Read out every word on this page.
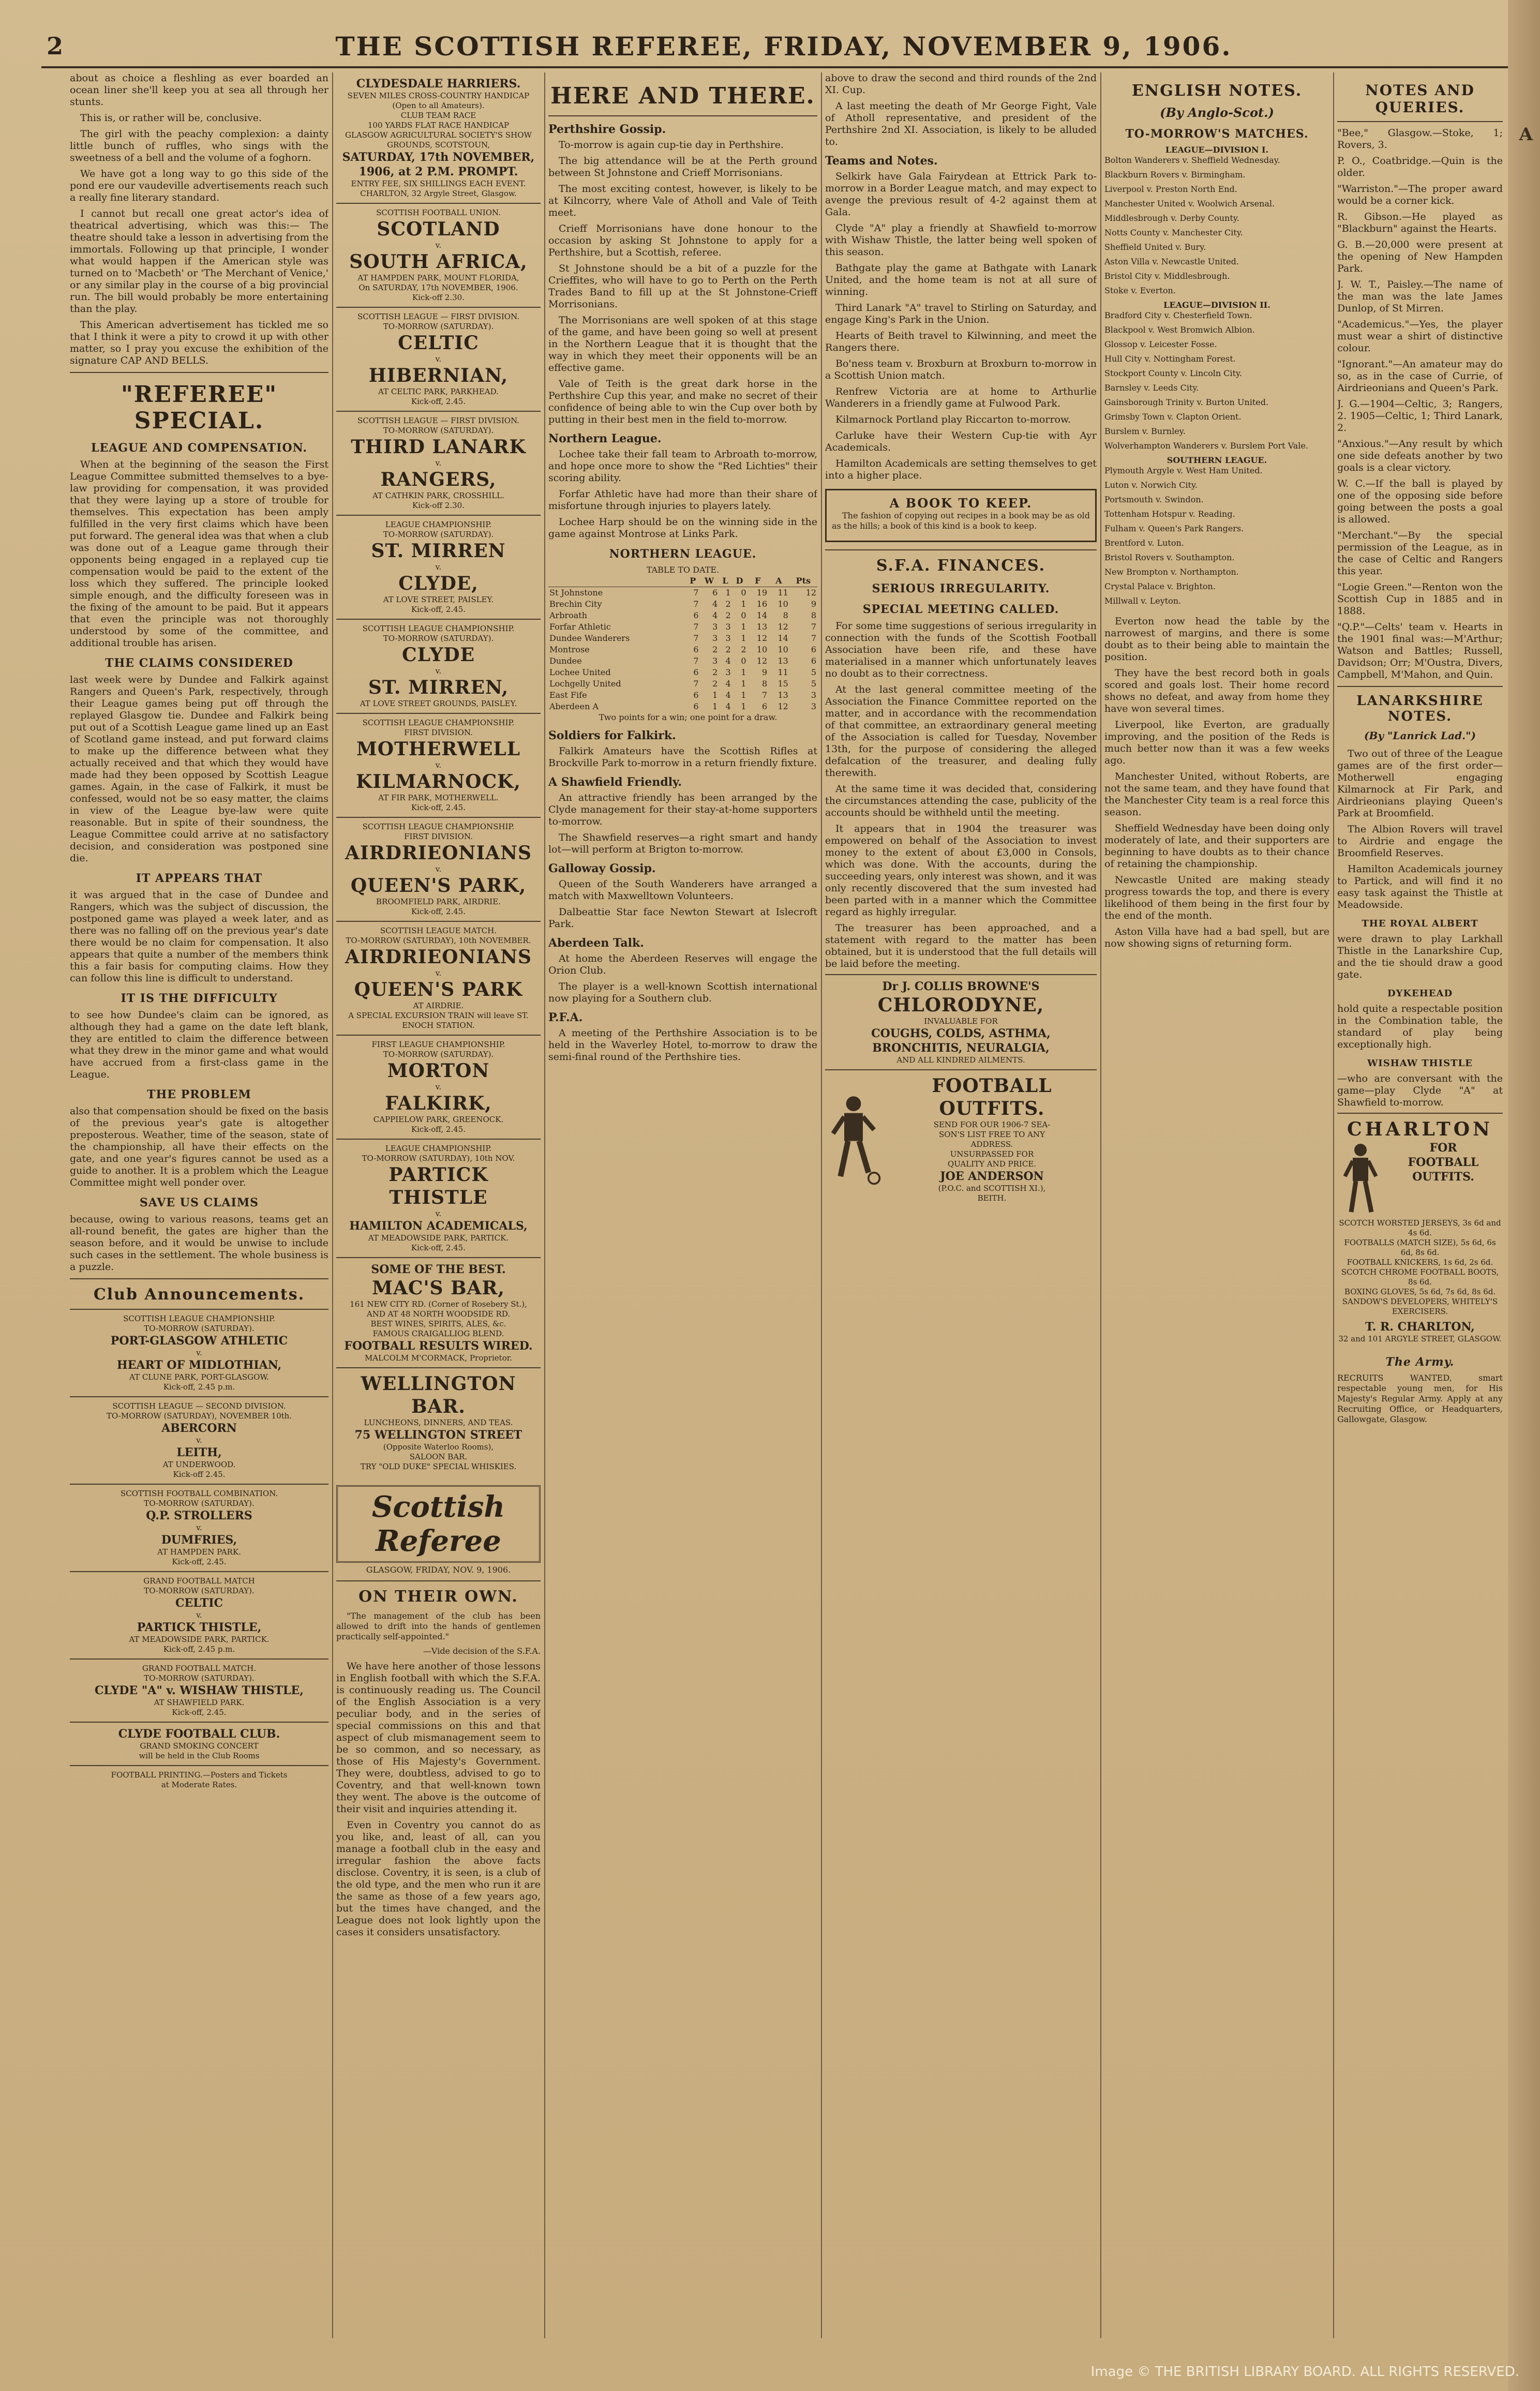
2	THE SCOTTISH REFEREE, FRIDAY, NOVEMBER 9, 1906.

about as choice a fleshling as ever boarded an ocean liner she'll keep you at sea all through her stunts.

This is, or rather will be, conclusive.

The girl with the peachy complexion: a dainty little bunch of ruffles, who sings with the sweetness of a bell and the volume of a foghorn.

We have got a long way to go this side of the pond ere our vaudeville advertisements reach such a really fine literary standard.

I cannot but recall one great actor's idea of theatrical advertising, which was this:— The theatre should take a lesson in advertising from the immortals. Following up that principle, I wonder what would happen if the American style was turned on to 'Macbeth' or 'The Merchant of Venice,' or any similar play in the course of a big provincial run. The bill would probably be more entertaining than the play.

This American advertisement has tickled me so that I think it were a pity to crowd it up with other matter, so I pray you excuse the exhibition of the signature CAP AND BELLS.

"REFEREE" SPECIAL.
LEAGUE AND COMPENSATION.

When at the beginning of the season the First League Committee submitted themselves to a bye-law providing for compensation, it was provided that they were laying up a store of trouble for themselves. This expectation has been amply fulfilled in the very first claims which have been put forward. The general idea was that when a club was done out of a League game through their opponents being engaged in a replayed cup tie compensation would be paid to the extent of the loss which they suffered. The principle looked simple enough, and the difficulty foreseen was in the fixing of the amount to be paid. But it appears that even the principle was not thoroughly understood by some of the committee, and additional trouble has arisen.

THE CLAIMS CONSIDERED

last week were by Dundee and Falkirk against Rangers and Queen's Park, respectively, through their League games being put off through the replayed Glasgow tie. Dundee and Falkirk being put out of a Scottish League game lined up an East of Scotland game instead, and put forward claims to make up the difference between what they actually received and that which they would have made had they been opposed by Scottish League games. Again, in the case of Falkirk, it must be confessed, would not be so easy matter, the claims in view of the League bye-law were quite reasonable. But in spite of their soundness, the League Committee could arrive at no satisfactory decision, and consideration was postponed sine die.

IT APPEARS THAT

it was argued that in the case of Dundee and Rangers, which was the subject of discussion, the postponed game was played a week later, and as there was no falling off on the previous year's date there would be no claim for compensation. It also appears that quite a number of the members think this a fair basis for computing claims. How they can follow this line is difficult to understand.

IT IS THE DIFFICULTY

to see how Dundee's claim can be ignored, as although they had a game on the date left blank, they are entitled to claim the difference between what they drew in the minor game and what would have accrued from a first-class game in the League.

THE PROBLEM

also that compensation should be fixed on the basis of the previous year's gate is altogether preposterous. Weather, time of the season, state of the championship, all have their effects on the gate, and one year's figures cannot be used as a guide to another. It is a problem which the League Committee might well ponder over.

SAVE US CLAIMS

because, owing to various reasons, teams get an all-round benefit, the gates are higher than the season before, and it would be unwise to include such cases in the settlement. The whole business is a puzzle.

Club Announcements.
SCOTTISH LEAGUE CHAMPIONSHIP.
TO-MORROW (SATURDAY).
PORT-GLASGOW ATHLETIC
v.
HEART OF MIDLOTHIAN,
AT CLUNE PARK, PORT-GLASGOW.
Kick-off, 2.45 p.m.
SCOTTISH LEAGUE — SECOND DIVISION.
TO-MORROW (SATURDAY), NOVEMBER 10th.
ABERCORN
v.
LEITH,
AT UNDERWOOD.
Kick-off 2.45.
SCOTTISH FOOTBALL COMBINATION.
TO-MORROW (SATURDAY).
Q.P. STROLLERS
v.
DUMFRIES,
AT HAMPDEN PARK.
Kick-off, 2.45.
GRAND FOOTBALL MATCH
TO-MORROW (SATURDAY).
CELTIC
v.
PARTICK THISTLE,
AT MEADOWSIDE PARK, PARTICK.
Kick-off, 2.45 p.m.
GRAND FOOTBALL MATCH.
TO-MORROW (SATURDAY).
CLYDE "A" v. WISHAW THISTLE,
AT SHAWFIELD PARK.
Kick-off, 2.45.
CLYDE FOOTBALL CLUB.
GRAND SMOKING CONCERT
will be held in the Club Rooms
FOOTBALL PRINTING.—Posters and Tickets
at Moderate Rates.
CLYDESDALE HARRIERS.
SEVEN MILES CROSS-COUNTRY HANDICAP
(Open to all Amateurs).
CLUB TEAM RACE
100 YARDS FLAT RACE HANDICAP
GLASGOW AGRICULTURAL SOCIETY'S SHOW GROUNDS, SCOTSTOUN,
SATURDAY, 17th NOVEMBER, 1906, at 2 P.M. PROMPT.
ENTRY FEE, SIX SHILLINGS EACH EVENT.
CHARLTON, 32 Argyle Street, Glasgow.
SCOTTISH FOOTBALL UNION.
SCOTLAND
v.
SOUTH AFRICA,
AT HAMPDEN PARK, MOUNT FLORIDA,
On SATURDAY, 17th NOVEMBER, 1906.
Kick-off 2.30.
SCOTTISH LEAGUE — FIRST DIVISION.
TO-MORROW (SATURDAY).
CELTIC
v.
HIBERNIAN,
AT CELTIC PARK, PARKHEAD.
Kick-off, 2.45.
SCOTTISH LEAGUE — FIRST DIVISION.
TO-MORROW (SATURDAY).
THIRD LANARK
v.
RANGERS,
AT CATHKIN PARK, CROSSHILL.
Kick-off 2.30.
LEAGUE CHAMPIONSHIP.
TO-MORROW (SATURDAY).
ST. MIRREN
v.
CLYDE,
AT LOVE STREET, PAISLEY.
Kick-off, 2.45.
SCOTTISH LEAGUE CHAMPIONSHIP.
TO-MORROW (SATURDAY).
CLYDE
v.
ST. MIRREN,
AT LOVE STREET GROUNDS, PAISLEY.
SCOTTISH LEAGUE CHAMPIONSHIP.
FIRST DIVISION.
MOTHERWELL
v.
KILMARNOCK,
AT FIR PARK, MOTHERWELL.
Kick-off, 2.45.
SCOTTISH LEAGUE CHAMPIONSHIP.
FIRST DIVISION.
AIRDRIEONIANS
v.
QUEEN'S PARK,
BROOMFIELD PARK, AIRDRIE.
Kick-off, 2.45.
SCOTTISH LEAGUE MATCH.
TO-MORROW (SATURDAY), 10th NOVEMBER.
AIRDRIEONIANS
v.
QUEEN'S PARK
AT AIRDRIE.
A SPECIAL EXCURSION TRAIN will leave ST. ENOCH STATION.
FIRST LEAGUE CHAMPIONSHIP.
TO-MORROW (SATURDAY).
MORTON
v.
FALKIRK,
CAPPIELOW PARK, GREENOCK.
Kick-off, 2.45.
LEAGUE CHAMPIONSHIP.
TO-MORROW (SATURDAY), 10th NOV.
PARTICK THISTLE
v.
HAMILTON ACADEMICALS,
AT MEADOWSIDE PARK, PARTICK.
Kick-off, 2.45.
SOME OF THE BEST.
MAC'S BAR,
161 NEW CITY RD. (Corner of Rosebery St.),
AND AT 48 NORTH WOODSIDE RD.
BEST WINES, SPIRITS, ALES, &c.
FAMOUS CRAIGALLIOG BLEND.
FOOTBALL RESULTS WIRED.
MALCOLM M'CORMACK, Proprietor.
WELLINGTON BAR.
LUNCHEONS, DINNERS, AND TEAS.
75 WELLINGTON STREET
(Opposite Waterloo Rooms),
SALOON BAR.
TRY "OLD DUKE" SPECIAL WHISKIES.
Scottish Referee
GLASGOW, FRIDAY, NOV. 9, 1906.
ON THEIR OWN.

"The management of the club has been allowed to drift into the hands of gentlemen practically self-appointed."

—Vide decision of the S.F.A.

We have here another of those lessons in English football with which the S.F.A. is continuously reading us. The Council of the English Association is a very peculiar body, and in the series of special commissions on this and that aspect of club mismanagement seem to be so common, and so necessary, as those of His Majesty's Government. They were, doubtless, advised to go to Coventry, and that well-known town they went. The above is the outcome of their visit and inquiries attending it.

Even in Coventry you cannot do as you like, and, least of all, can you manage a football club in the easy and irregular fashion the above facts disclose. Coventry, it is seen, is a club of the old type, and the men who run it are the same as those of a few years ago, but the times have changed, and the League does not look lightly upon the cases it considers unsatisfactory.

HERE AND THERE.
Perthshire Gossip.

To-morrow is again cup-tie day in Perthshire.

The big attendance will be at the Perth ground between St Johnstone and Crieff Morrisonians.

The most exciting contest, however, is likely to be at Kilncorry, where Vale of Atholl and Vale of Teith meet.

Crieff Morrisonians have done honour to the occasion by asking St Johnstone to apply for a Perthshire, but a Scottish, referee.

St Johnstone should be a bit of a puzzle for the Crieffites, who will have to go to Perth on the Perth Trades Band to fill up at the St Johnstone-Crieff Morrisonians.

The Morrisonians are well spoken of at this stage of the game, and have been going so well at present in the Northern League that it is thought that the way in which they meet their opponents will be an effective game.

Vale of Teith is the great dark horse in the Perthshire Cup this year, and make no secret of their confidence of being able to win the Cup over both by putting in their best men in the field to-morrow.

Northern League.

Lochee take their fall team to Arbroath to-morrow, and hope once more to show the "Red Lichties" their scoring ability.

Forfar Athletic have had more than their share of misfortune through injuries to players lately.

Lochee Harp should be on the winning side in the game against Montrose at Links Park.

NORTHERN LEAGUE.
TABLE TO DATE.
	P	W	L	D	F	A	Pts
St Johnstone	7	6	1	0	19	11	12
Brechin City	7	4	2	1	16	10	9
Arbroath	6	4	2	0	14	8	8
Forfar Athletic	7	3	3	1	13	12	7
Dundee Wanderers	7	3	3	1	12	14	7
Montrose	6	2	2	2	10	10	6
Dundee	7	3	4	0	12	13	6
Lochee United	6	2	3	1	9	11	5
Lochgelly United	7	2	4	1	8	15	5
East Fife	6	1	4	1	7	13	3
Aberdeen A	6	1	4	1	6	12	3

Two points for a win; one point for a draw.

Soldiers for Falkirk.

Falkirk Amateurs have the Scottish Rifles at Brockville Park to-morrow in a return friendly fixture.

A Shawfield Friendly.

An attractive friendly has been arranged by the Clyde management for their stay-at-home supporters to-morrow.

The Shawfield reserves—a right smart and handy lot—will perform at Brigton to-morrow.

Galloway Gossip.

Queen of the South Wanderers have arranged a match with Maxwelltown Volunteers.

Dalbeattie Star face Newton Stewart at Islecroft Park.

Aberdeen Talk.

At home the Aberdeen Reserves will engage the Orion Club.

The player is a well-known Scottish international now playing for a Southern club.

P.F.A.

A meeting of the Perthshire Association is to be held in the Waverley Hotel, to-morrow to draw the semi-final round of the Perthshire ties.

above to draw the second and third rounds of the 2nd XI. Cup.

A last meeting the death of Mr George Fight, Vale of Atholl representative, and president of the Perthshire 2nd XI. Association, is likely to be alluded to.

Teams and Notes.

Selkirk have Gala Fairydean at Ettrick Park to-morrow in a Border League match, and may expect to avenge the previous result of 4-2 against them at Gala.

Clyde "A" play a friendly at Shawfield to-morrow with Wishaw Thistle, the latter being well spoken of this season.

Bathgate play the game at Bathgate with Lanark United, and the home team is not at all sure of winning.

Third Lanark "A" travel to Stirling on Saturday, and engage King's Park in the Union.

Hearts of Beith travel to Kilwinning, and meet the Rangers there.

Bo'ness team v. Broxburn at Broxburn to-morrow in a Scottish Union match.

Renfrew Victoria are at home to Arthurlie Wanderers in a friendly game at Fulwood Park.

Kilmarnock Portland play Riccarton to-morrow.

Carluke have their Western Cup-tie with Ayr Academicals.

Hamilton Academicals are setting themselves to get into a higher place.

A BOOK TO KEEP.

The fashion of copying out recipes in a book may be as old as the hills; a book of this kind is a book to keep.

S.F.A. FINANCES.
SERIOUS IRREGULARITY.
SPECIAL MEETING CALLED.

For some time suggestions of serious irregularity in connection with the funds of the Scottish Football Association have been rife, and these have materialised in a manner which unfortunately leaves no doubt as to their correctness.

At the last general committee meeting of the Association the Finance Committee reported on the matter, and in accordance with the recommendation of that committee, an extraordinary general meeting of the Association is called for Tuesday, November 13th, for the purpose of considering the alleged defalcation of the treasurer, and dealing fully therewith.

At the same time it was decided that, considering the circumstances attending the case, publicity of the accounts should be withheld until the meeting.

It appears that in 1904 the treasurer was empowered on behalf of the Association to invest money to the extent of about £3,000 in Consols, which was done. With the accounts, during the succeeding years, only interest was shown, and it was only recently discovered that the sum invested had been parted with in a manner which the Committee regard as highly irregular.

The treasurer has been approached, and a statement with regard to the matter has been obtained, but it is understood that the full details will be laid before the meeting.

Dr J. COLLIS BROWNE'S
CHLORODYNE,
INVALUABLE FOR
COUGHS, COLDS, ASTHMA,
BRONCHITIS, NEURALGIA,
AND ALL KINDRED AILMENTS.
FOOTBALL
OUTFITS.
SEND FOR OUR 1906-7 SEA-
SON'S LIST FREE TO ANY
ADDRESS.
UNSURPASSED FOR
QUALITY AND PRICE.
JOE ANDERSON
(P.O.C. and SCOTTISH XI.),
BEITH.
ENGLISH NOTES.
(By Anglo-Scot.)
TO-MORROW'S MATCHES.
LEAGUE—DIVISION I.
Bolton Wanderers v. Sheffield Wednesday.
Blackburn Rovers v. Birmingham.
Liverpool v. Preston North End.
Manchester United v. Woolwich Arsenal.
Middlesbrough v. Derby County.
Notts County v. Manchester City.
Sheffield United v. Bury.
Aston Villa v. Newcastle United.
Bristol City v. Middlesbrough.
Stoke v. Everton.
LEAGUE—DIVISION II.
Bradford City v. Chesterfield Town.
Blackpool v. West Bromwich Albion.
Glossop v. Leicester Fosse.
Hull City v. Nottingham Forest.
Stockport County v. Lincoln City.
Barnsley v. Leeds City.
Gainsborough Trinity v. Burton United.
Grimsby Town v. Clapton Orient.
Burslem v. Burnley.
Wolverhampton Wanderers v. Burslem Port Vale.
SOUTHERN LEAGUE.
Plymouth Argyle v. West Ham United.
Luton v. Norwich City.
Portsmouth v. Swindon.
Tottenham Hotspur v. Reading.
Fulham v. Queen's Park Rangers.
Brentford v. Luton.
Bristol Rovers v. Southampton.
New Brompton v. Northampton.
Crystal Palace v. Brighton.
Millwall v. Leyton.

Everton now head the table by the narrowest of margins, and there is some doubt as to their being able to maintain the position.

They have the best record both in goals scored and goals lost. Their home record shows no defeat, and away from home they have won several times.

Liverpool, like Everton, are gradually improving, and the position of the Reds is much better now than it was a few weeks ago.

Manchester United, without Roberts, are not the same team, and they have found that the Manchester City team is a real force this season.

Sheffield Wednesday have been doing only moderately of late, and their supporters are beginning to have doubts as to their chance of retaining the championship.

Newcastle United are making steady progress towards the top, and there is every likelihood of them being in the first four by the end of the month.

Aston Villa have had a bad spell, but are now showing signs of returning form.

NOTES AND QUERIES.
"Bee," Glasgow.—Stoke, 1; Rovers, 3.
P. O., Coatbridge.—Quin is the older.
"Warriston."—The proper award would be a corner kick.
R. Gibson.—He played as "Blackburn" against the Hearts.
G. B.—20,000 were present at the opening of New Hampden Park.
J. W. T., Paisley.—The name of the man was the late James Dunlop, of St Mirren.
"Academicus."—Yes, the player must wear a shirt of distinctive colour.
"Ignorant."—An amateur may do so, as in the case of Currie, of Airdrieonians and Queen's Park.
J. G.—1904—Celtic, 3; Rangers, 2. 1905—Celtic, 1; Third Lanark, 2.
"Anxious."—Any result by which one side defeats another by two goals is a clear victory.
W. C.—If the ball is played by one of the opposing side before going between the posts a goal is allowed.
"Merchant."—By the special permission of the League, as in the case of Celtic and Rangers this year.
"Logie Green."—Renton won the Scottish Cup in 1885 and in 1888.
"Q.P."—Celts' team v. Hearts in the 1901 final was:—M'Arthur; Watson and Battles; Russell, Davidson; Orr; M'Oustra, Divers, Campbell, M'Mahon, and Quin.
LANARKSHIRE NOTES.
(By "Lanrick Lad.")

Two out of three of the League games are of the first order—Motherwell engaging Kilmarnock at Fir Park, and Airdrieonians playing Queen's Park at Broomfield.

The Albion Rovers will travel to Airdrie and engage the Broomfield Reserves.

Hamilton Academicals journey to Partick, and will find it no easy task against the Thistle at Meadowside.

THE ROYAL ALBERT

were drawn to play Larkhall Thistle in the Lanarkshire Cup, and the tie should draw a good gate.

DYKEHEAD

hold quite a respectable position in the Combination table, the standard of play being exceptionally high.

WISHAW THISTLE

—who are conversant with the game—play Clyde "A" at Shawfield to-morrow.

CHARLTON
FOR
FOOTBALL
OUTFITS.
SCOTCH WORSTED JERSEYS, 3s 6d and 4s 6d.
FOOTBALLS (MATCH SIZE), 5s 6d, 6s 6d, 8s 6d.
FOOTBALL KNICKERS, 1s 6d, 2s 6d.
SCOTCH CHROME FOOTBALL BOOTS, 8s 6d.
BOXING GLOVES, 5s 6d, 7s 6d, 8s 6d.
SANDOW'S DEVELOPERS, WHITELY'S EXERCISERS.
T. R. CHARLTON,
32 and 101 ARGYLE STREET, GLASGOW.
The Army.

RECRUITS WANTED, smart respectable young men, for His Majesty's Regular Army. Apply at any Recruiting Office, or Headquarters, Gallowgate, Glasgow.

A
Image © THE BRITISH LIBRARY BOARD. ALL RIGHTS RESERVED.
